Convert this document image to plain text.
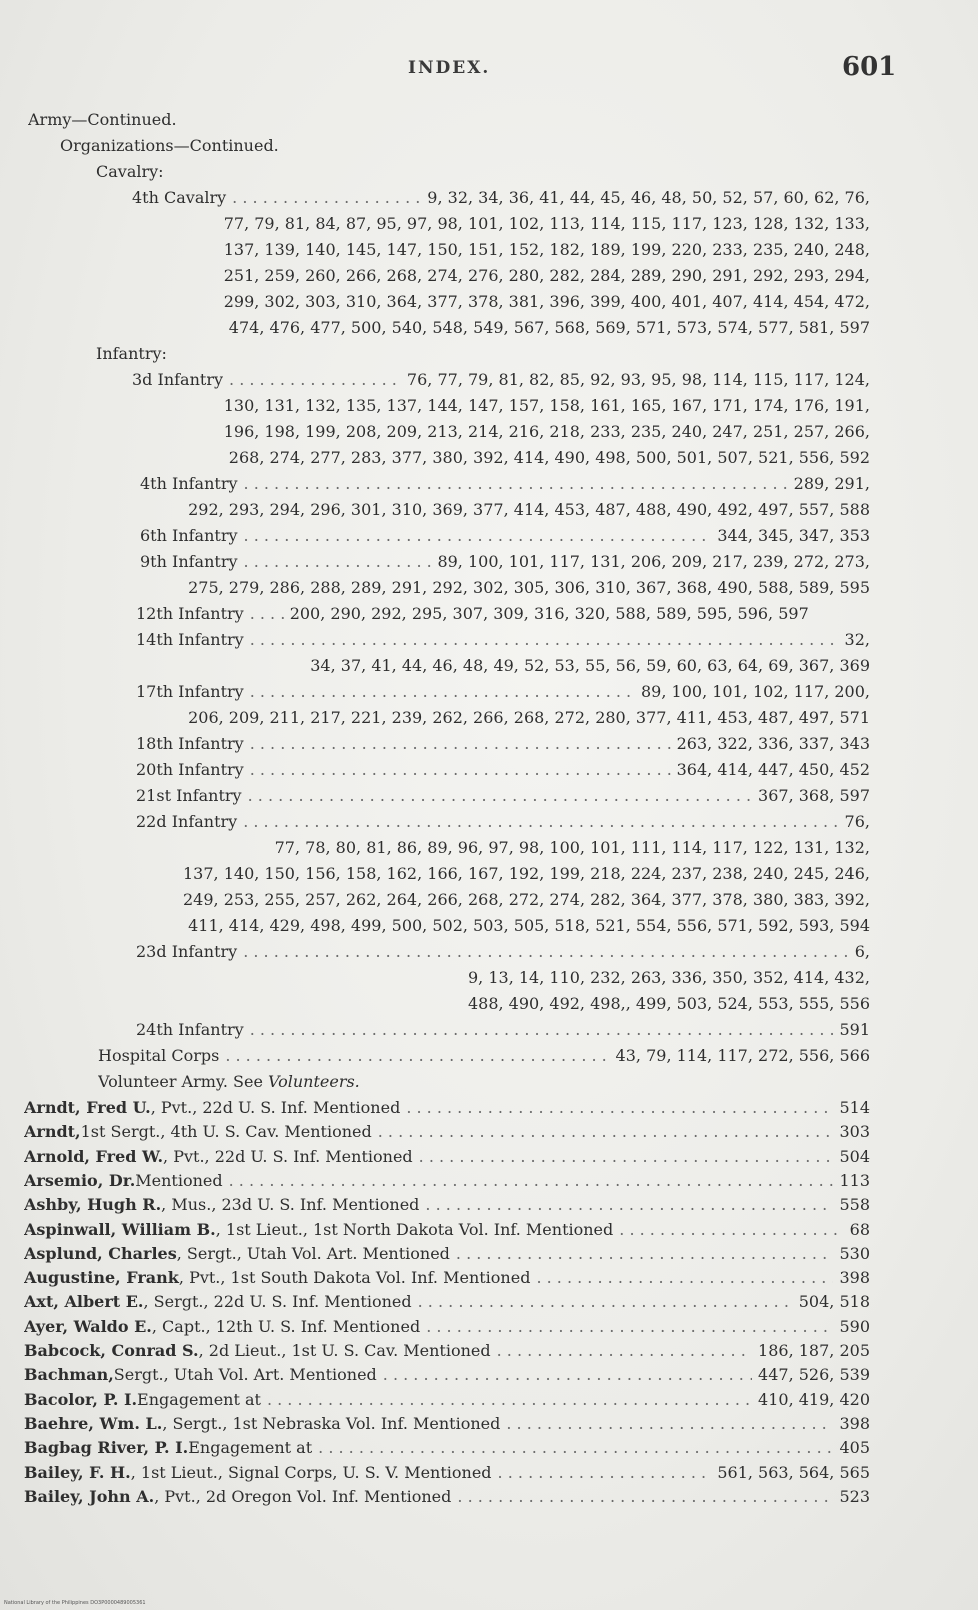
INDEX.	601
Army—Continued.
Organizations—Continued.
Cavalry:
4th Cavalry . . .	9, 32, 34, 36, 41, 44, 45, 46, 48, 50, 52, 57, 60, 62, 76,
77, 79, 81, 84, 87, 95, 97, 98, 101, 102, 113, 114, 115, 117, 123, 128, 132, 133,
137, 139, 140, 145, 147, 150, 151, 152, 182, 189, 199, 220, 233, 235, 240, 248,
251, 259, 260, 266, 268, 274, 276, 280, 282, 284, 289, 290, 291, 292, 293, 294,
299, 302, 303, 310, 364, 377, 378, 381, 396, 399, 400, 401, 407, 414, 454, 472,
474, 476, 477, 500, 540, 548, 549, 567, 568, 569, 571, 573, 574, 577, 581, 597
Infantry:
3d Infantry . . .	76, 77, 79, 81, 82, 85, 92, 93, 95, 98, 114, 115, 117, 124,
130, 131, 132, 135, 137, 144, 147, 157, 158, 161, 165, 167, 171, 174, 176, 191,
196, 198, 199, 208, 209, 213, 214, 216, 218, 233, 235, 240, 247, 251, 257, 266,
268, 274, 277, 283, 377, 380, 392, 414, 490, 498, 500, 501, 507, 521, 556, 592
4th Infantry . . .	289, 291,
292, 293, 294, 296, 301, 310, 369, 377, 414, 453, 487, 488, 490, 492, 497, 557, 588
6th Infantry . . .	344, 345, 347, 353
9th Infantry . . .	89, 100, 101, 117, 131, 206, 209, 217, 239, 272, 273,
275, 279, 286, 288, 289, 291, 292, 302, 305, 306, 310, 367, 368, 490, 588, 589, 595
12th Infantry . . .	200, 290, 292, 295, 307, 309, 316, 320, 588, 589, 595, 596, 597
14th Infantry . . .	32,
34, 37, 41, 44, 46, 48, 49, 52, 53, 55, 56, 59, 60, 63, 64, 69, 367, 369
17th Infantry . . .	89, 100, 101, 102, 117, 200,
206, 209, 211, 217, 221, 239, 262, 266, 268, 272, 280, 377, 411, 453, 487, 497, 571
18th Infantry . . .	263, 322, 336, 337, 343
20th Infantry . . .	364, 414, 447, 450, 452
21st Infantry . . .	367, 368, 597
22d Infantry . . .	76,
77, 78, 80, 81, 86, 89, 96, 97, 98, 100, 101, 111, 114, 117, 122, 131, 132,
137, 140, 150, 156, 158, 162, 166, 167, 192, 199, 218, 224, 237, 238, 240, 245, 246,
249, 253, 255, 257, 262, 264, 266, 268, 272, 274, 282, 364, 377, 378, 380, 383, 392,
411, 414, 429, 498, 499, 500, 502, 503, 505, 518, 521, 554, 556, 571, 592, 593, 594
23d Infantry . . .	6,
9, 13, 14, 110, 232, 263, 336, 350, 352, 414, 432,
488, 490, 492, 498,, 499, 503, 524, 553, 555, 556
24th Infantry . . .	591
Hospital Corps . . .	43, 79, 114, 117, 272, 556, 566
Volunteer Army. See Volunteers.
Arndt, Fred U. , Pvt., 22d U. S. Inf. Mentioned . . .	514
Arndt, 1st Sergt., 4th U. S. Cav. Mentioned . . .	303
Arnold, Fred W. , Pvt., 22d U. S. Inf. Mentioned . . .	504
Arsemio, Dr. Mentioned . . .	113
Ashby, Hugh R. , Mus., 23d U. S. Inf. Mentioned . . .	558
Aspinwall, William B. , 1st Lieut., 1st North Dakota Vol. Inf. Mentioned . . .	68
Asplund, Charles , Sergt., Utah Vol. Art. Mentioned . . .	530
Augustine, Frank , Pvt., 1st South Dakota Vol. Inf. Mentioned . . .	398
Axt, Albert E. , Sergt., 22d U. S. Inf. Mentioned . . .	504, 518
Ayer, Waldo E. , Capt., 12th U. S. Inf. Mentioned . . .	590
Babcock, Conrad S. , 2d Lieut., 1st U. S. Cav. Mentioned . . .	186, 187, 205
Bachman, Sergt., Utah Vol. Art. Mentioned . . .	447, 526, 539
Bacolor, P. I. Engagement at . . .	410, 419, 420
Baehre, Wm. L. , Sergt., 1st Nebraska Vol. Inf. Mentioned . . .	398
Bagbag River, P. I. Engagement at . . .	405
Bailey, F. H. , 1st Lieut., Signal Corps, U. S. V. Mentioned . . .	561, 563, 564, 565
Bailey, John A. , Pvt., 2d Oregon Vol. Inf. Mentioned . . .	523
National Library of the Philippines DO3P0000489005361
